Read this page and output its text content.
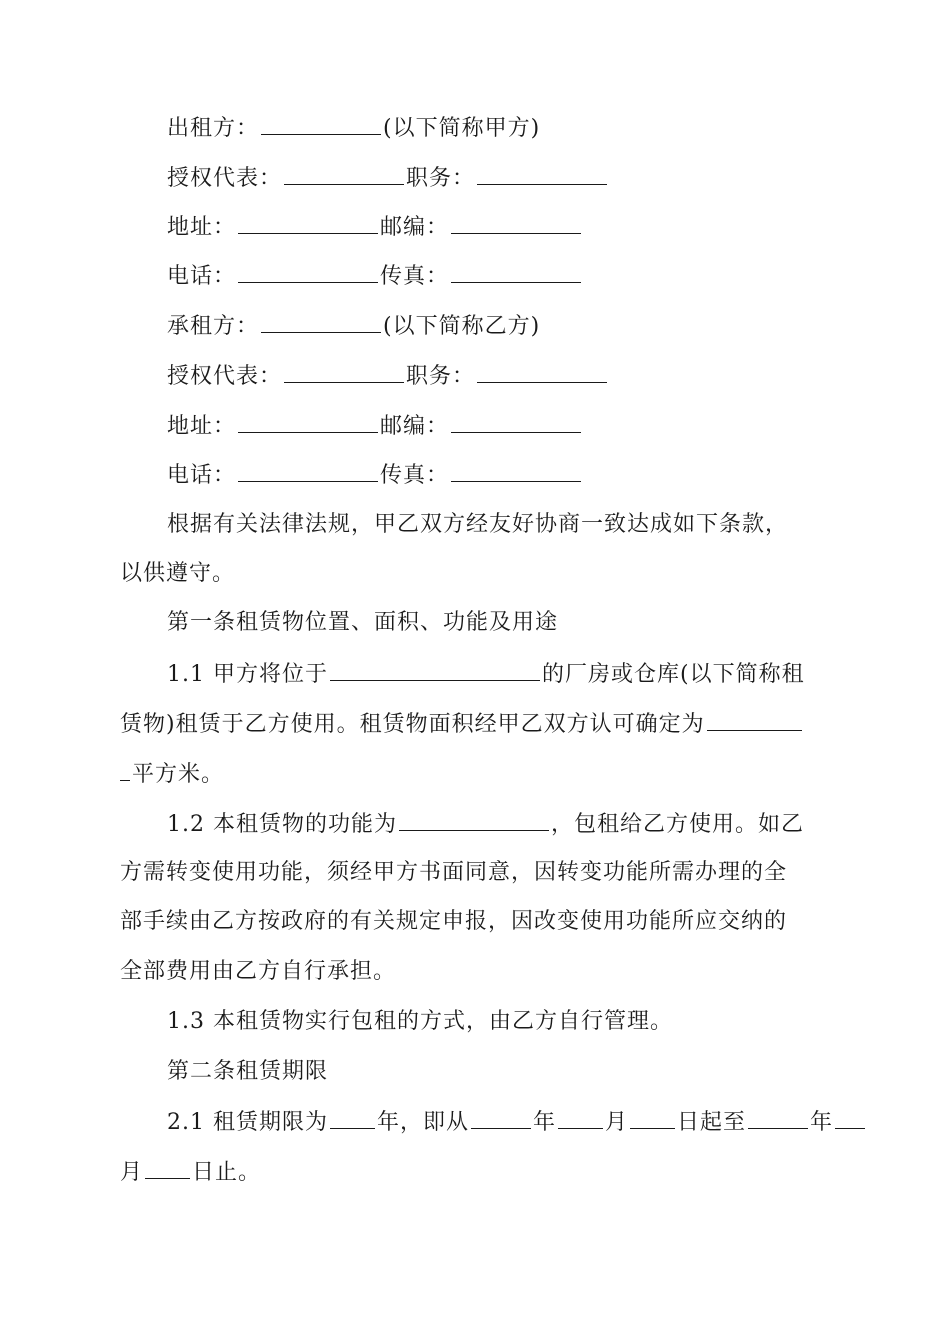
出租方：	(以下简称甲方)
授权代表：	职务：
地址：	邮编：
电话：	传真：
承租方：	(以下简称乙方)
授权代表：	职务：
地址：	邮编：
电话：	传真：
根据有关法律法规，甲乙双方经友好协商一致达成如下条款，
以供遵守。
第一条租赁物位置、面积、功能及用途
1.1 甲方将位于	的厂房或仓库(以下简称租
赁物)租赁于乙方使用。租赁物面积经甲乙双方认可确定为
平方米。
1.2 本租赁物的功能为	，包租给乙方使用。如乙
方需转变使用功能，须经甲方书面同意，因转变功能所需办理的全
部手续由乙方按政府的有关规定申报，因改变使用功能所应交纳的
全部费用由乙方自行承担。
1.3 本租赁物实行包租的方式，由乙方自行管理。
第二条租赁期限
2.1 租赁期限为 年，即从	年 月 日起至	年
月 日止。
